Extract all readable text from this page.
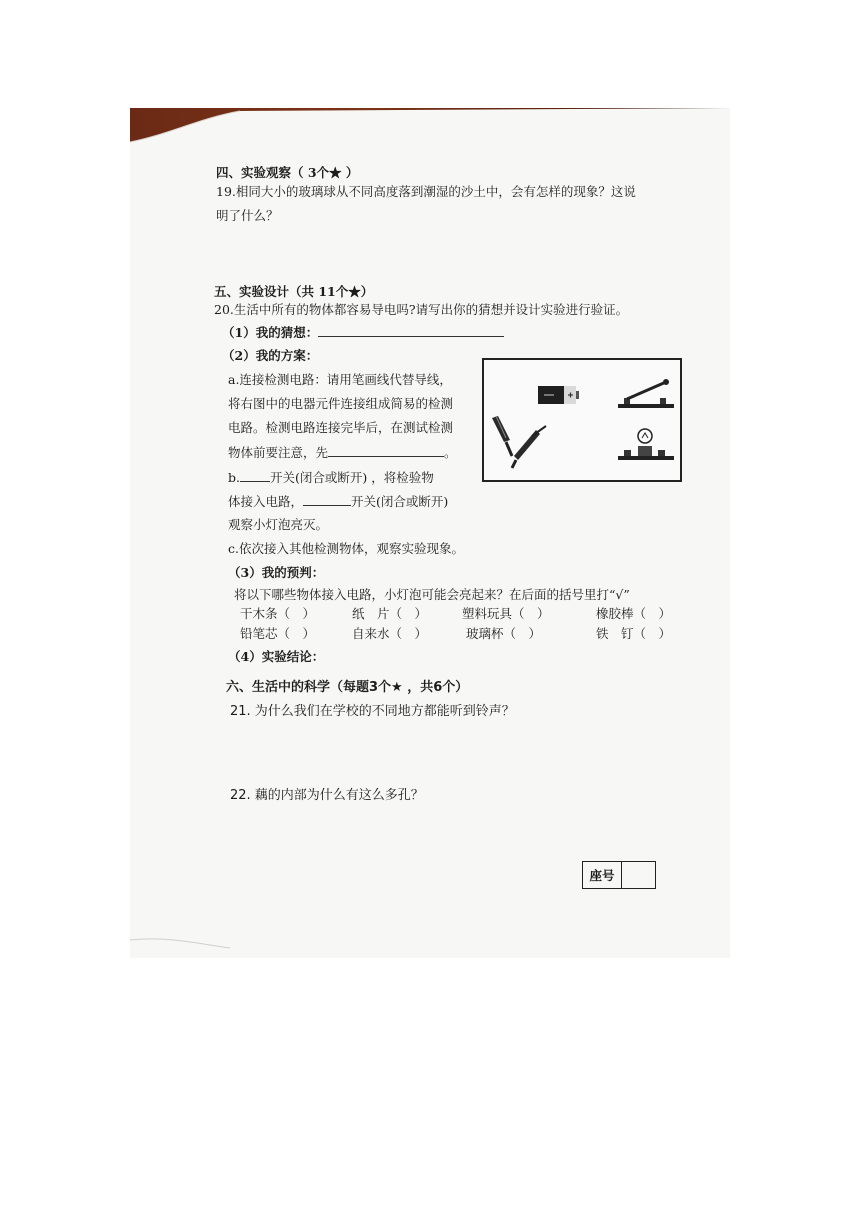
四、实验观察（ 3个★ ）
19.相同大小的玻璃球从不同高度落到潮湿的沙土中，会有怎样的现象？这说
明了什么？
五、实验设计（共 11个★）
20.生活中所有的物体都容易导电吗?请写出你的猜想并设计实验进行验证。
（1）我的猜想：
（2）我的方案：
a.连接检测电路：请用笔画线代替导线，
将右图中的电器元件连接组成简易的检测
电路。检测电路连接完毕后，在测试检测
物体前要注意，先	。
b. 开关(闭合或断开) ，将检验物
体接入电路，	开关(闭合或断开)
观察小灯泡亮灭。
c.依次接入其他检测物体，观察实验现象。
（3）我的预判：
将以下哪些物体接入电路，小灯泡可能会亮起来？在后面的括号里打“√”
干木条（　）	纸　片（　）	塑料玩具（　）	橡胶棒（　）
铅笔芯（　）	自来水（　）	玻璃杯（　）	铁　钉（　）
（4）实验结论：
六、生活中的科学（每题3个★ ，共6个）
21. 为什么我们在学校的不同地方都能听到铃声？
22. 藕的内部为什么有这么多孔？
座号
